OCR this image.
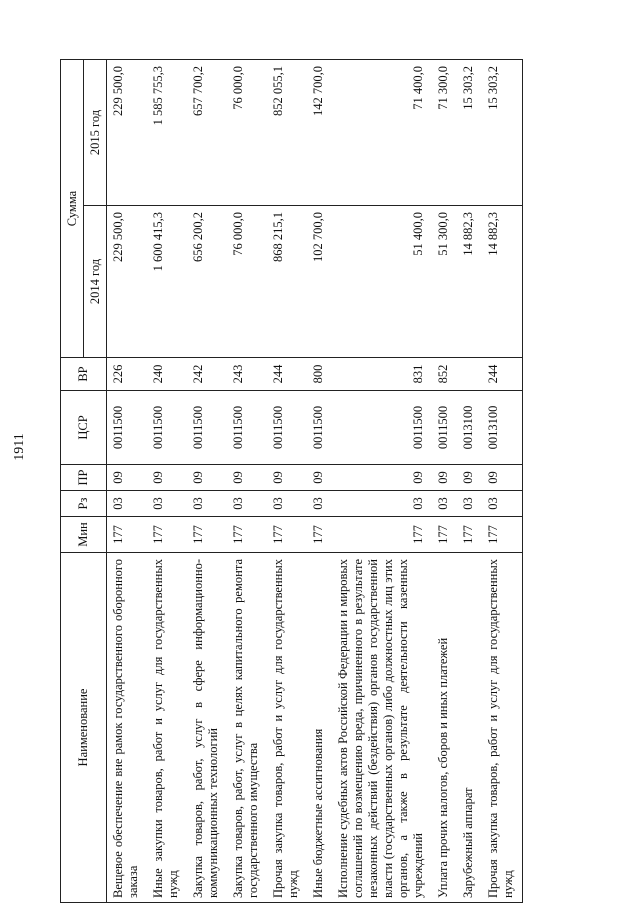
1911
Наименование	Мин	Рз	ПР	ЦСР	ВР	Сумма	
						2014 год	2015 год
Вещевое обеспечение вне рамок государственного оборонного заказа	177	03	09	0011500	226	229 500,0	229 500,0
Иные закупки товаров, работ и услуг для государственных нужд	177	03	09	0011500	240	1 600 415,3	1 585 755,3
Закупка товаров, работ, услуг в сфере информационно-коммуникационных технологий	177	03	09	0011500	242	656 200,2	657 700,2
Закупка товаров, работ, услуг в целях капитального ремонта государственного имущества	177	03	09	0011500	243	76 000,0	76 000,0
Прочая закупка товаров, работ и услуг для государственных нужд	177	03	09	0011500	244	868 215,1	852 055,1
Иные бюджетные ассигнования	177	03	09	0011500	800	102 700,0	142 700,0
Исполнение судебных актов Российской Федерации и мировых соглашений по возмещению вреда, причиненного в результате незаконных действий (бездействия) органов государственной власти (государственных органов) либо должностных лиц этих органов, а также в результате деятельности казенных учреждений	177	03	09	0011500	831	51 400,0	71 400,0
Уплата прочих налогов, сборов и иных платежей	177	03	09	0011500	852	51 300,0	71 300,0
Зарубежный аппарат	177	03	09	0013100		14 882,3	15 303,2
Прочая закупка товаров, работ и услуг для государственных нужд	177	03	09	0013100	244	14 882,3	15 303,2
